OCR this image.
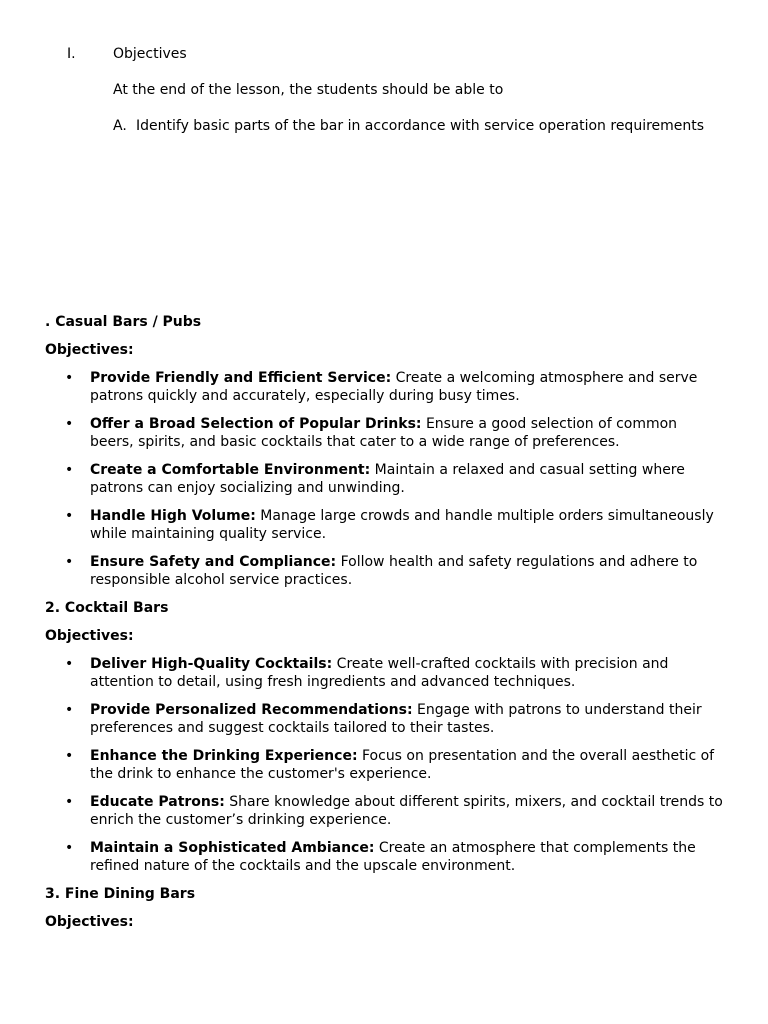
I.	Objectives
At the end of the lesson, the students should be able to
A. Identify basic parts of the bar in accordance with service operation requirements
. Casual Bars / Pubs
Objectives:
• Provide Friendly and Efficient Service: Create a welcoming atmosphere and serve patrons quickly and accurately, especially during busy times.
• Offer a Broad Selection of Popular Drinks: Ensure a good selection of common beers, spirits, and basic cocktails that cater to a wide range of preferences.
• Create a Comfortable Environment: Maintain a relaxed and casual setting where patrons can enjoy socializing and unwinding.
• Handle High Volume: Manage large crowds and handle multiple orders simultaneously while maintaining quality service.
• Ensure Safety and Compliance: Follow health and safety regulations and adhere to responsible alcohol service practices.
2. Cocktail Bars
Objectives:
• Deliver High-Quality Cocktails: Create well-crafted cocktails with precision and attention to detail, using fresh ingredients and advanced techniques.
• Provide Personalized Recommendations: Engage with patrons to understand their preferences and suggest cocktails tailored to their tastes.
• Enhance the Drinking Experience: Focus on presentation and the overall aesthetic of the drink to enhance the customer's experience.
• Educate Patrons: Share knowledge about different spirits, mixers, and cocktail trends to enrich the customer’s drinking experience.
• Maintain a Sophisticated Ambiance: Create an atmosphere that complements the refined nature of the cocktails and the upscale environment.
3. Fine Dining Bars
Objectives:
